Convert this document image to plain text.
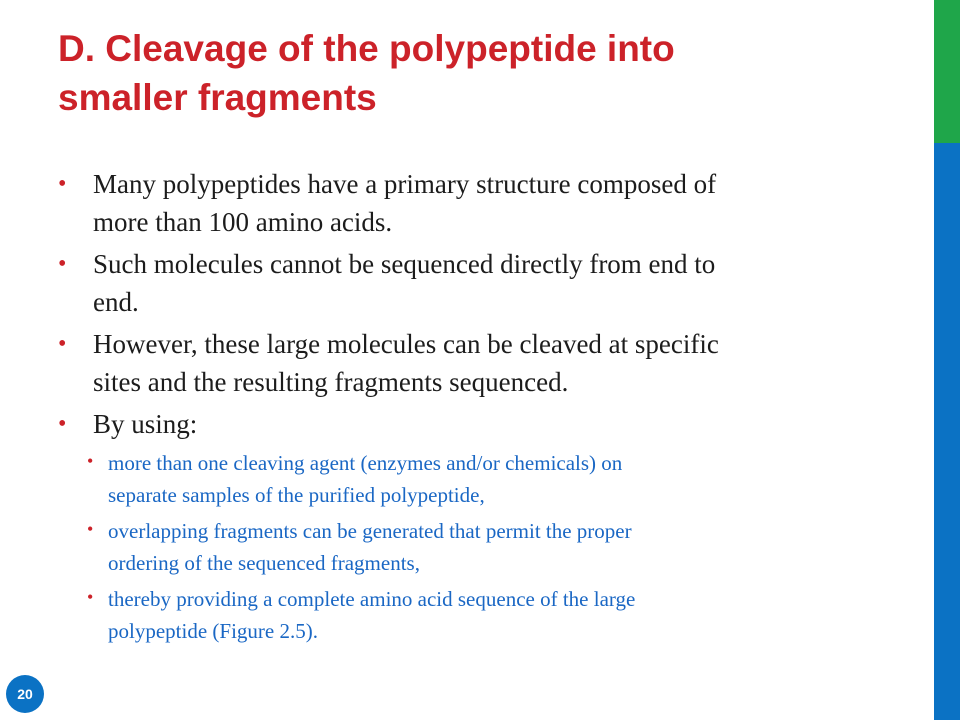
D. Cleavage of the polypeptide into
smaller fragments
• Many polypeptides have a primary structure composed of
more than 100 amino acids.
• Such molecules cannot be sequenced directly from end to
end.
• However, these large molecules can be cleaved at specific
sites and the resulting fragments sequenced.
• By using:
• more than one cleaving agent (enzymes and/or chemicals) on
separate samples of the purified polypeptide,
• overlapping fragments can be generated that permit the proper
ordering of the sequenced fragments,
• thereby providing a complete amino acid sequence of the large
polypeptide (Figure 2.5).
20
